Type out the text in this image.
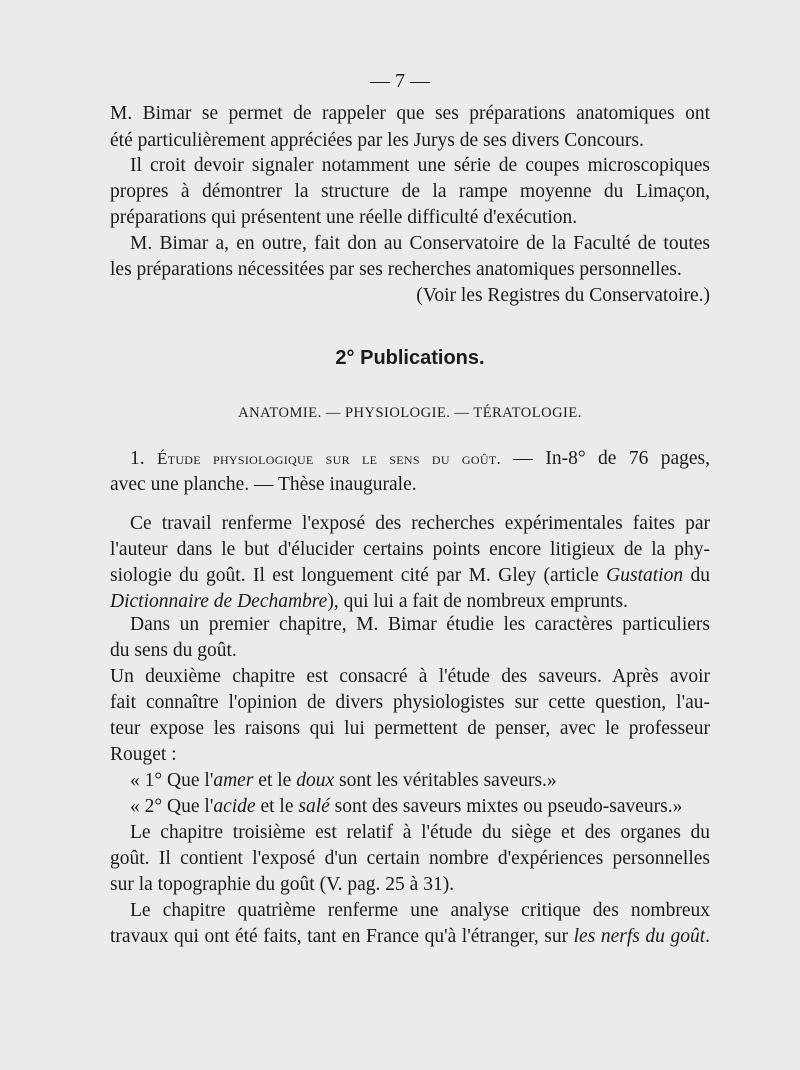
— 7 —
M. Bimar se permet de rappeler que ses préparations anatomiques ont
été particulièrement appréciées par les Jurys de ses divers Concours.
Il croit devoir signaler notamment une série de coupes microscopiques
propres à démontrer la structure de la rampe moyenne du Limaçon,
préparations qui présentent une réelle difficulté d'exécution.
M. Bimar a, en outre, fait don au Conservatoire de la Faculté de toutes
les préparations nécessitées par ses recherches anatomiques personnelles.
(Voir les Registres du Conservatoire.)
2° Publications.
ANATOMIE. — PHYSIOLOGIE. — TÉRATOLOGIE.
1. Étude physiologique sur le sens du goût. — In-8° de 76 pages,
avec une planche. — Thèse inaugurale.
Ce travail renferme l'exposé des recherches expérimentales faites par
l'auteur dans le but d'élucider certains points encore litigieux de la phy-
siologie du goût. Il est longuement cité par M. Gley (article Gustation du
Dictionnaire de Dechambre), qui lui a fait de nombreux emprunts.
Dans un premier chapitre, M. Bimar étudie les caractères particuliers
du sens du goût.
Un deuxième chapitre est consacré à l'étude des saveurs. Après avoir
fait connaître l'opinion de divers physiologistes sur cette question, l'au-
teur expose les raisons qui lui permettent de penser, avec le professeur
Rouget :
« 1° Que l'amer et le doux sont les véritables saveurs.»
« 2° Que l'acide et le salé sont des saveurs mixtes ou pseudo-saveurs.»
Le chapitre troisième est relatif à l'étude du siège et des organes du
goût. Il contient l'exposé d'un certain nombre d'expériences personnelles
sur la topographie du goût (V. pag. 25 à 31).
Le chapitre quatrième renferme une analyse critique des nombreux
travaux qui ont été faits, tant en France qu'à l'étranger, sur les nerfs du goût.
